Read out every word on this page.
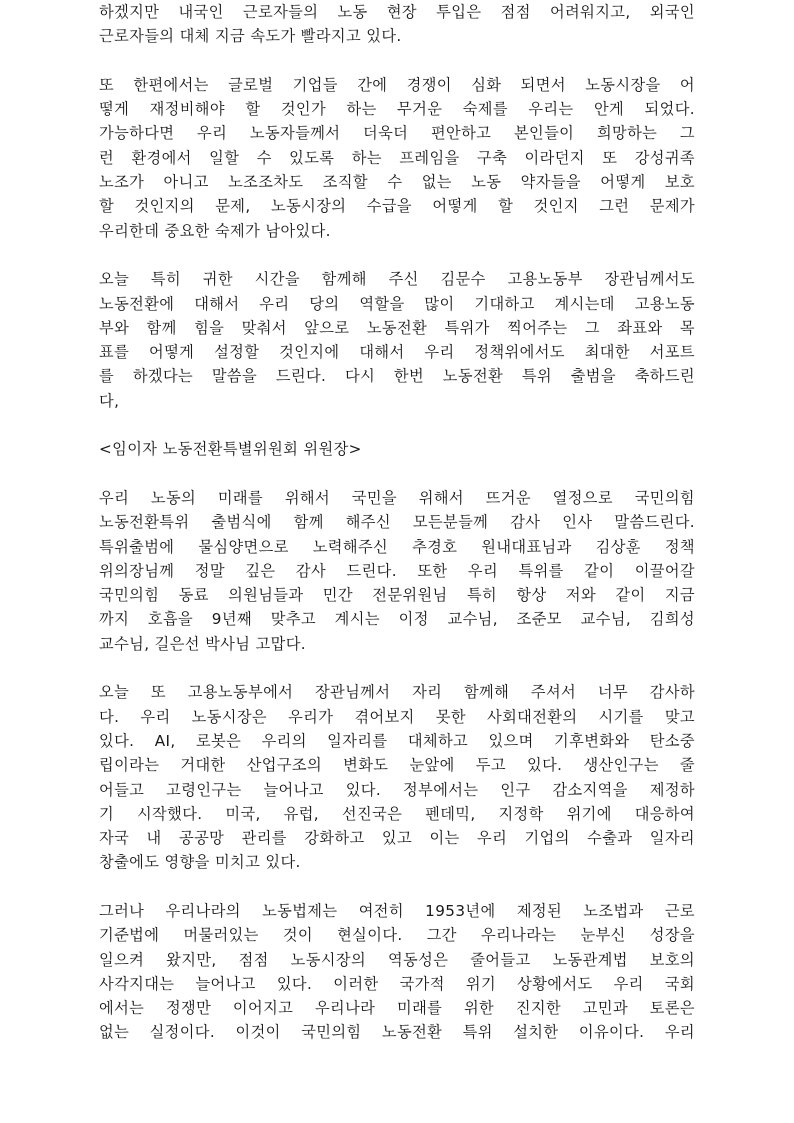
하겠지만 내국인 근로자들의 노동 현장 투입은 점점 어려워지고, 외국인
근로자들의 대체 지금 속도가 빨라지고 있다.
또 한편에서는 글로벌 기업들 간에 경쟁이 심화 되면서 노동시장을 어
떻게 재정비해야 할 것인가 하는 무거운 숙제를 우리는 안게 되었다.
가능하다면 우리 노동자들께서 더욱더 편안하고 본인들이 희망하는 그
런 환경에서 일할 수 있도록 하는 프레임을 구축 이라던지 또 강성귀족
노조가 아니고 노조조차도 조직할 수 없는 노동 약자들을 어떻게 보호
할 것인지의 문제, 노동시장의 수급을 어떻게 할 것인지 그런 문제가
우리한데 중요한 숙제가 남아있다.
오늘 특히 귀한 시간을 함께해 주신 김문수 고용노동부 장관님께서도
노동전환에 대해서 우리 당의 역할을 많이 기대하고 계시는데 고용노동
부와 함께 힘을 맞춰서 앞으로 노동전환 특위가 찍어주는 그 좌표와 목
표를 어떻게 설정할 것인지에 대해서 우리 정책위에서도 최대한 서포트
를 하겠다는 말씀을 드린다. 다시 한번 노동전환 특위 출범을 축하드린
다,
<임이자 노동전환특별위원회 위원장>
우리 노동의 미래를 위해서 국민을 위해서 뜨거운 열정으로 국민의힘
노동전환특위 출범식에 함께 해주신 모든분들께 감사 인사 말씀드린다.
특위출범에 물심양면으로 노력해주신 추경호 원내대표님과 김상훈 정책
위의장님께 정말 깊은 감사 드린다. 또한 우리 특위를 같이 이끌어갈
국민의힘 동료 의원님들과 민간 전문위원님 특히 항상 저와 같이 지금
까지 호흡을 9년째 맞추고 계시는 이정 교수님, 조준모 교수님, 김희성
교수님, 길은선 박사님 고맙다.
오늘 또 고용노동부에서 장관님께서 자리 함께해 주셔서 너무 감사하
다. 우리 노동시장은 우리가 겪어보지 못한 사회대전환의 시기를 맞고
있다. AI, 로봇은 우리의 일자리를 대체하고 있으며 기후변화와 탄소중
립이라는 거대한 산업구조의 변화도 눈앞에 두고 있다. 생산인구는 줄
어들고 고령인구는 늘어나고 있다. 정부에서는 인구 감소지역을 제정하
기 시작했다. 미국, 유럽, 선진국은 펜데믹, 지정학 위기에 대응하여
자국 내 공공망 관리를 강화하고 있고 이는 우리 기업의 수출과 일자리
창출에도 영향을 미치고 있다.
그러나 우리나라의 노동법제는 여전히 1953년에 제정된 노조법과 근로
기준법에 머물러있는 것이 현실이다. 그간 우리나라는 눈부신 성장을
일으켜 왔지만, 점점 노동시장의 역동성은 줄어들고 노동관계법 보호의
사각지대는 늘어나고 있다. 이러한 국가적 위기 상황에서도 우리 국회
에서는 정쟁만 이어지고 우리나라 미래를 위한 진지한 고민과 토론은
없는 실정이다. 이것이 국민의힘 노동전환 특위 설치한 이유이다. 우리
